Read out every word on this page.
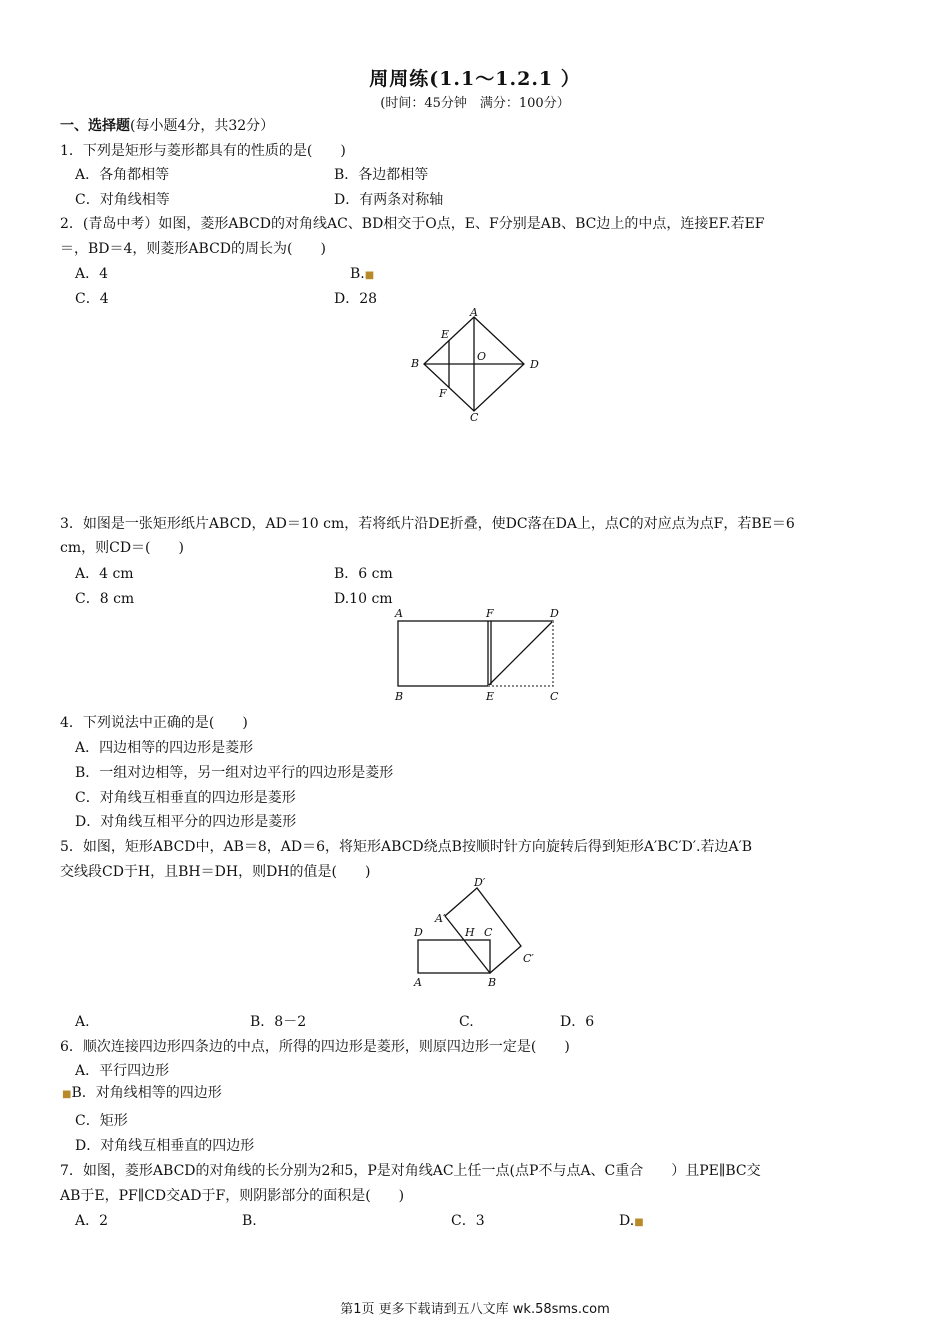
周周练(1.1～1.2.1 ）
(时间：45分钟　满分：100分）
一、选择题(每小题4分，共32分）
1．下列是矩形与菱形都具有的性质的是(　　)
A．各角都相等	B．各边都相等
C．对角线相等	D．有两条对称轴
2．(青岛中考）如图，菱形ABCD的对角线AC、BD相交于O点，E、F分别是AB、BC边上的中点，连接EF.若EF
＝，BD＝4，则菱形ABCD的周长为(　　)
A．4	B.■
C．4	D．28
A
B
C
D
E
F
O
3．如图是一张矩形纸片ABCD，AD＝10 cm，若将纸片沿DE折叠，使DC落在DA上，点C的对应点为点F，若BE＝6
cm，则CD＝(　　)
A．4 cm	B．6 cm
C．8 cm	D.10 cm
A
B
F
E
D
C
4．下列说法中正确的是(　　)
A．四边相等的四边形是菱形
B．一组对边相等，另一组对边平行的四边形是菱形
C．对角线互相垂直的四边形是菱形
D．对角线互相平分的四边形是菱形
5．如图，矩形ABCD中，AB＝8，AD＝6，将矩形ABCD绕点B按顺时针方向旋转后得到矩形A′BC′D′.若边A′B
交线段CD于H，且BH＝DH，则DH的值是(　　)
D
A	B
C
H
A′
D′
C′
A.	B．8－2	C.	D．6
6．顺次连接四边形四条边的中点，所得的四边形是菱形，则原四边形一定是(　　)
A．平行四边形
■B．对角线相等的四边形
C．矩形
D．对角线互相垂直的四边形
7．如图，菱形ABCD的对角线的长分别为2和5，P是对角线AC上任一点(点P不与点A、C重合　　）且PE∥BC交
AB于E，PF∥CD交AD于F，则阴影部分的面积是(　　)
A．2	B.	C．3	D.■
第1页 更多下载请到五八文库 wk.58sms.com
